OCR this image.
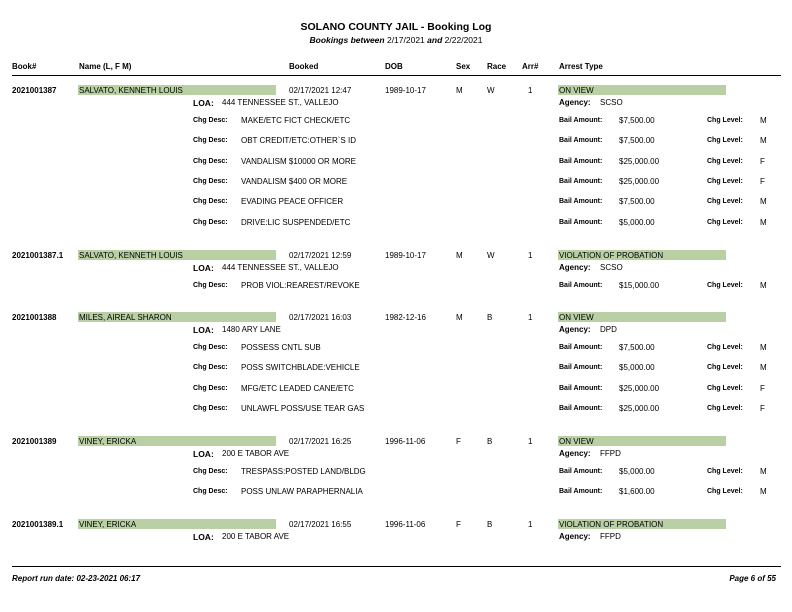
SOLANO COUNTY JAIL - Booking Log
Bookings between 2/17/2021 and 2/22/2021
Book#	Name (L, F M)	Booked	DOB	Sex Race Arr#	Arrest Type
2021001387	SALVATO, KENNETH LOUIS	02/17/2021 12:47	1989-10-17	M	W	1	ON VIEW
LOA: 444 TENNESSEE ST., VALLEJO	Agency: SCSO
Chg Desc: MAKE/ETC FICT CHECK/ETC	Bail Amount: $7,500.00	Chg Level: M
Chg Desc: OBT CREDIT/ETC:OTHER`S ID	Bail Amount: $7,500.00	Chg Level: M
Chg Desc: VANDALISM $10000 OR MORE	Bail Amount: $25,000.00	Chg Level: F
Chg Desc: VANDALISM $400 OR MORE	Bail Amount: $25,000.00	Chg Level: F
Chg Desc: EVADING PEACE OFFICER	Bail Amount: $7,500.00	Chg Level: M
Chg Desc: DRIVE:LIC SUSPENDED/ETC	Bail Amount: $5,000.00	Chg Level: M
2021001387.1 SALVATO, KENNETH LOUIS	02/17/2021 12:59	1989-10-17	M	W	1	VIOLATION OF PROBATION
LOA: 444 TENNESSEE ST., VALLEJO	Agency: SCSO
Chg Desc: PROB VIOL:REAREST/REVOKE	Bail Amount: $15,000.00	Chg Level: M
2021001388	MILES, AIREAL SHARON	02/17/2021 16:03	1982-12-16	M	B	1	ON VIEW
LOA: 1480 ARY LANE	Agency: DPD
Chg Desc: POSSESS CNTL SUB	Bail Amount: $7,500.00	Chg Level: M
Chg Desc: POSS SWITCHBLADE:VEHICLE	Bail Amount: $5,000.00	Chg Level: M
Chg Desc: MFG/ETC LEADED CANE/ETC	Bail Amount: $25,000.00	Chg Level: F
Chg Desc: UNLAWFL POSS/USE TEAR GAS	Bail Amount: $25,000.00	Chg Level: F
2021001389	VINEY, ERICKA	02/17/2021 16:25	1996-11-06	F	B	1	ON VIEW
LOA: 200 E TABOR AVE	Agency: FFPD
Chg Desc: TRESPASS:POSTED LAND/BLDG	Bail Amount: $5,000.00	Chg Level: M
Chg Desc: POSS UNLAW PARAPHERNALIA	Bail Amount: $1,600.00	Chg Level: M
2021001389.1 VINEY, ERICKA	02/17/2021 16:55	1996-11-06	F	B	1	VIOLATION OF PROBATION
LOA: 200 E TABOR AVE	Agency: FFPD
Report run date: 02-23-2021 06:17	Page 6 of 55
